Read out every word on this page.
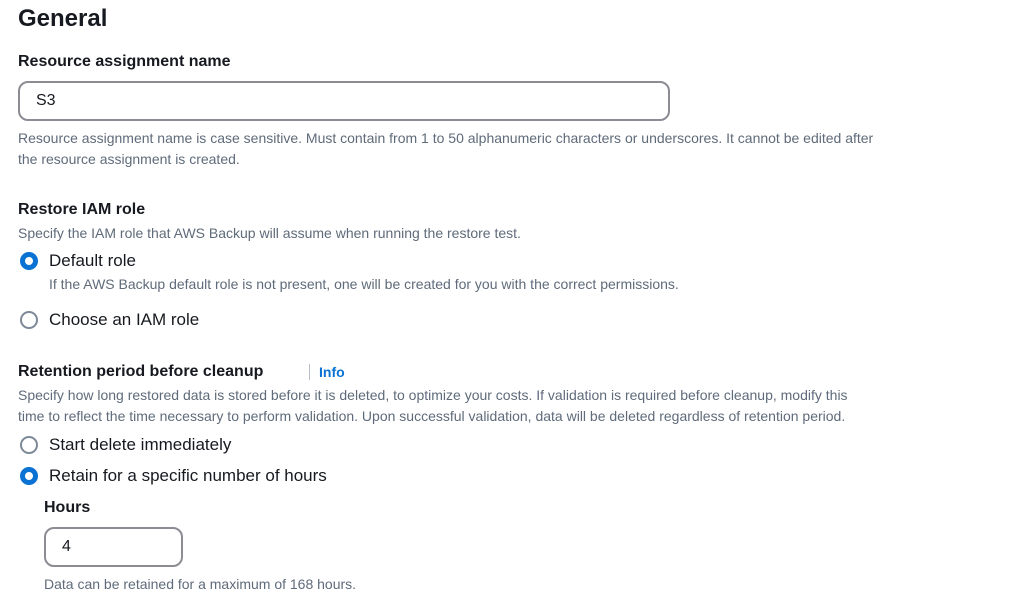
General
Resource assignment name
S3
Resource assignment name is case sensitive. Must contain from 1 to 50 alphanumeric characters or underscores. It cannot be edited after
the resource assignment is created.
Restore IAM role
Specify the IAM role that AWS Backup will assume when running the restore test.
Default role
If the AWS Backup default role is not present, one will be created for you with the correct permissions.
Choose an IAM role
Retention period before cleanup	Info
Specify how long restored data is stored before it is deleted, to optimize your costs. If validation is required before cleanup, modify this
time to reflect the time necessary to perform validation. Upon successful validation, data will be deleted regardless of retention period.
Start delete immediately
Retain for a specific number of hours
Hours
4
Data can be retained for a maximum of 168 hours.
